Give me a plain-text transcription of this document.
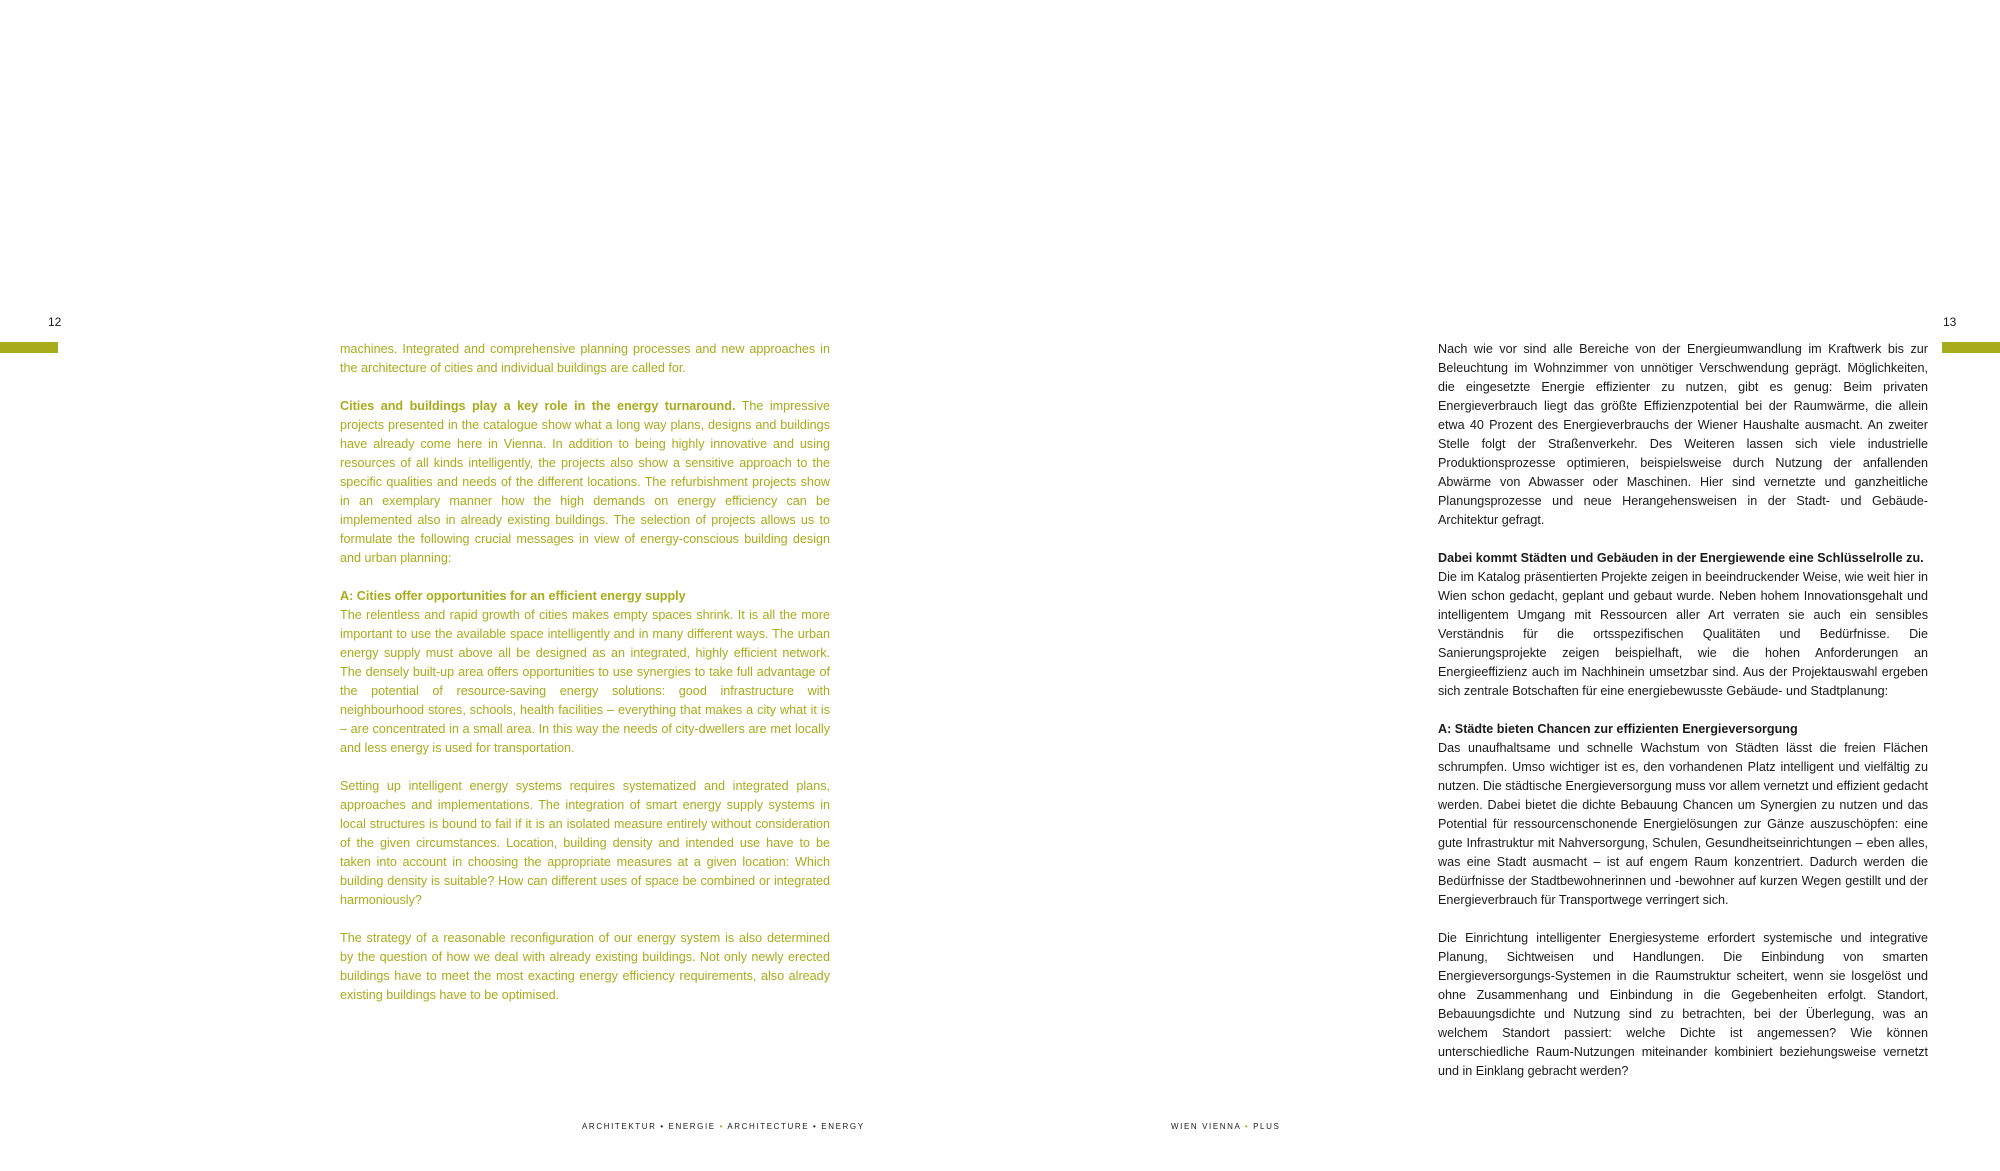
12

machines. Integrated and comprehensive planning processes and new approaches in the architecture of cities and individual buildings are called for.

Cities and buildings play a key role in the energy turnaround. The impressive projects presented in the catalogue show what a long way plans, designs and buildings have already come here in Vienna. In addition to being highly innovative and using resources of all kinds intelligently, the projects also show a sensitive approach to the specific qualities and needs of the different locations. The refurbishment projects show in an exemplary manner how the high demands on energy efficiency can be implemented also in already existing buildings. The selection of projects allows us to formulate the following crucial messages in view of energy-conscious building design and urban planning:

A: Cities offer opportunities for an efficient energy supply
The relentless and rapid growth of cities makes empty spaces shrink. It is all the more important to use the available space intelligently and in many different ways. The urban energy supply must above all be designed as an integrated, highly efficient network. The densely built-up area offers opportunities to use synergies to take full advantage of the potential of resource-saving energy solutions: good infrastructure with neighbourhood stores, schools, health facilities – everything that makes a city what it is – are concentrated in a small area. In this way the needs of city-dwellers are met locally and less energy is used for transportation.

Setting up intelligent energy systems requires systematized and integrated plans, approaches and implementations. The integration of smart energy supply systems in local structures is bound to fail if it is an isolated measure entirely without consideration of the given circumstances. Location, building density and intended use have to be taken into account in choosing the appropriate measures at a given location: Which building density is suitable? How can different uses of space be combined or integrated harmoniously?

The strategy of a reasonable reconfiguration of our energy system is also determined by the question of how we deal with already existing buildings. Not only newly erected buildings have to meet the most exacting energy efficiency requirements, also already existing buildings have to be optimised.

ARCHITEKTUR • ENERGIE • ARCHITECTURE • ENERGY
13

Nach wie vor sind alle Bereiche von der Energieumwandlung im Kraftwerk bis zur Beleuchtung im Wohnzimmer von unnötiger Verschwendung geprägt. Möglichkeiten, die eingesetzte Energie effizienter zu nutzen, gibt es genug: Beim privaten Energieverbrauch liegt das größte Effizienzpotential bei der Raumwärme, die allein etwa 40 Prozent des Energieverbrauchs der Wiener Haushalte ausmacht. An zweiter Stelle folgt der Straßenverkehr. Des Weiteren lassen sich viele industrielle Produktionsprozesse optimieren, beispielsweise durch Nutzung der anfallenden Abwärme von Abwasser oder Maschinen. Hier sind vernetzte und ganzheitliche Planungsprozesse und neue Herangehensweisen in der Stadt- und Gebäude-Architektur gefragt.

Dabei kommt Städten und Gebäuden in der Energiewende eine Schlüsselrolle zu.
Die im Katalog präsentierten Projekte zeigen in beeindruckender Weise, wie weit hier in Wien schon gedacht, geplant und gebaut wurde. Neben hohem Innovationsgehalt und intelligentem Umgang mit Ressourcen aller Art verraten sie auch ein sensibles Verständnis für die ortsspezifischen Qualitäten und Bedürfnisse. Die Sanierungsprojekte zeigen beispielhaft, wie die hohen Anforderungen an Energieeffizienz auch im Nachhinein umsetzbar sind. Aus der Projektauswahl ergeben sich zentrale Botschaften für eine energiebewusste Gebäude- und Stadtplanung:

A: Städte bieten Chancen zur effizienten Energieversorgung
Das unaufhaltsame und schnelle Wachstum von Städten lässt die freien Flächen schrumpfen. Umso wichtiger ist es, den vorhandenen Platz intelligent und vielfältig zu nutzen. Die städtische Energieversorgung muss vor allem vernetzt und effizient gedacht werden. Dabei bietet die dichte Bebauung Chancen um Synergien zu nutzen und das Potential für ressourcenschonende Energielösungen zur Gänze auszuschöpfen: eine gute Infrastruktur mit Nahversorgung, Schulen, Gesundheitseinrichtungen – eben alles, was eine Stadt ausmacht – ist auf engem Raum konzentriert. Dadurch werden die Bedürfnisse der Stadtbewohnerinnen und -bewohner auf kurzen Wegen gestillt und der Energieverbrauch für Transportwege verringert sich.

Die Einrichtung intelligenter Energiesysteme erfordert systemische und integrative Planung, Sichtweisen und Handlungen. Die Einbindung von smarten Energieversorgungs-Systemen in die Raumstruktur scheitert, wenn sie losgelöst und ohne Zusammenhang und Einbindung in die Gegebenheiten erfolgt. Standort, Bebauungsdichte und Nutzung sind zu betrachten, bei der Überlegung, was an welchem Standort passiert: welche Dichte ist angemessen? Wie können unterschiedliche Raum-Nutzungen miteinander kombiniert beziehungsweise vernetzt und in Einklang gebracht werden?

WIEN VIENNA • PLUS
